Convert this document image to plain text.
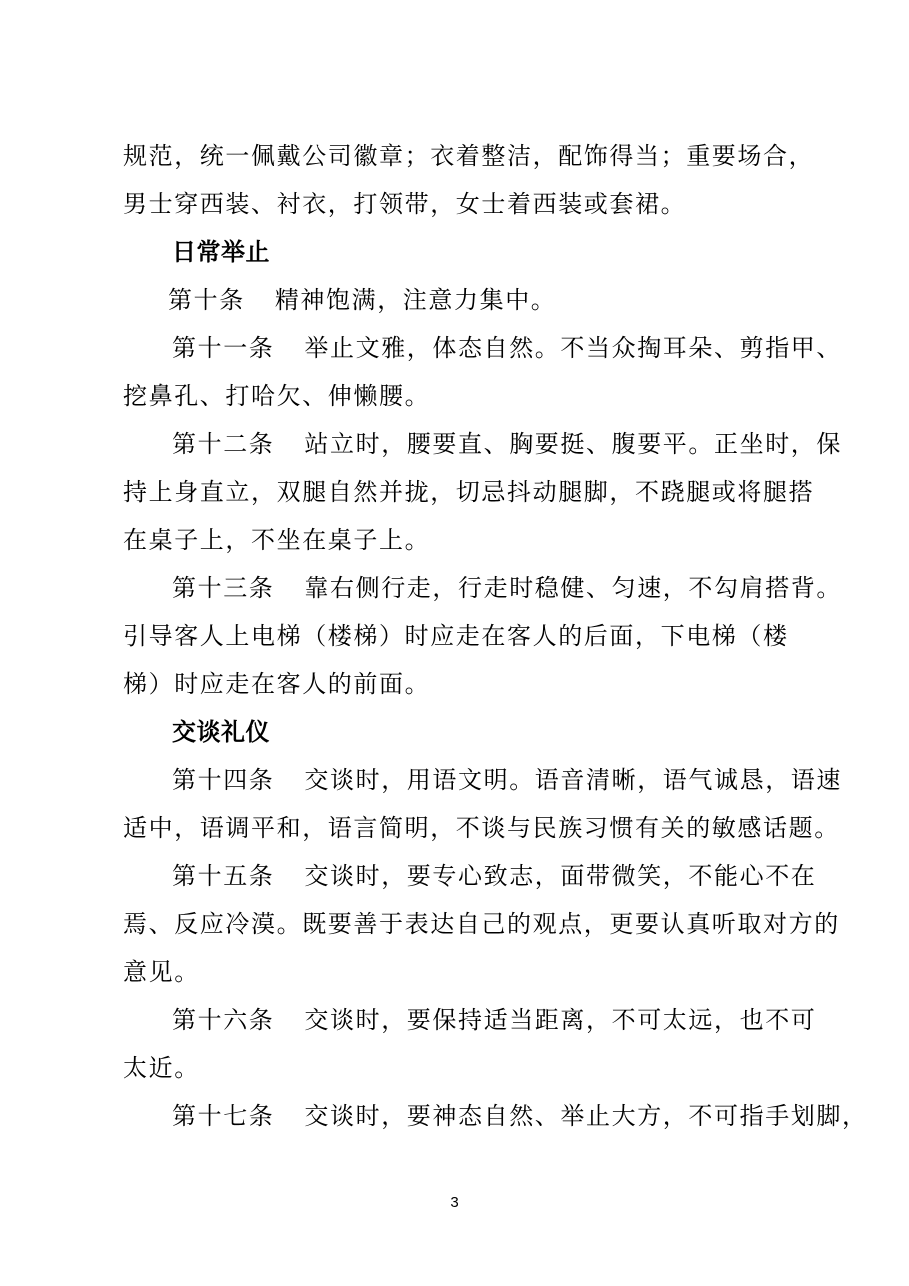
规范，统一佩戴公司徽章；衣着整洁，配饰得当；重要场合，
男士穿西装、衬衣，打领带，女士着西装或套裙。
日常举止
第十条 精神饱满，注意力集中。
第十一条 举止文雅，体态自然。不当众掏耳朵、剪指甲、
挖鼻孔、打哈欠、伸懒腰。
第十二条 站立时，腰要直、胸要挺、腹要平。正坐时，保
持上身直立，双腿自然并拢，切忌抖动腿脚，不跷腿或将腿搭
在桌子上，不坐在桌子上。
第十三条 靠右侧行走，行走时稳健、匀速，不勾肩搭背。
引导客人上电梯（楼梯）时应走在客人的后面，下电梯（楼
梯）时应走在客人的前面。
交谈礼仪
第十四条 交谈时，用语文明。语音清晰，语气诚恳，语速
适中，语调平和，语言简明，不谈与民族习惯有关的敏感话题。
第十五条 交谈时，要专心致志，面带微笑，不能心不在
焉、反应冷漠。既要善于表达自己的观点，更要认真听取对方的
意见。
第十六条 交谈时，要保持适当距离，不可太远，也不可
太近。
第十七条 交谈时，要神态自然、举止大方，不可指手划脚，
3
